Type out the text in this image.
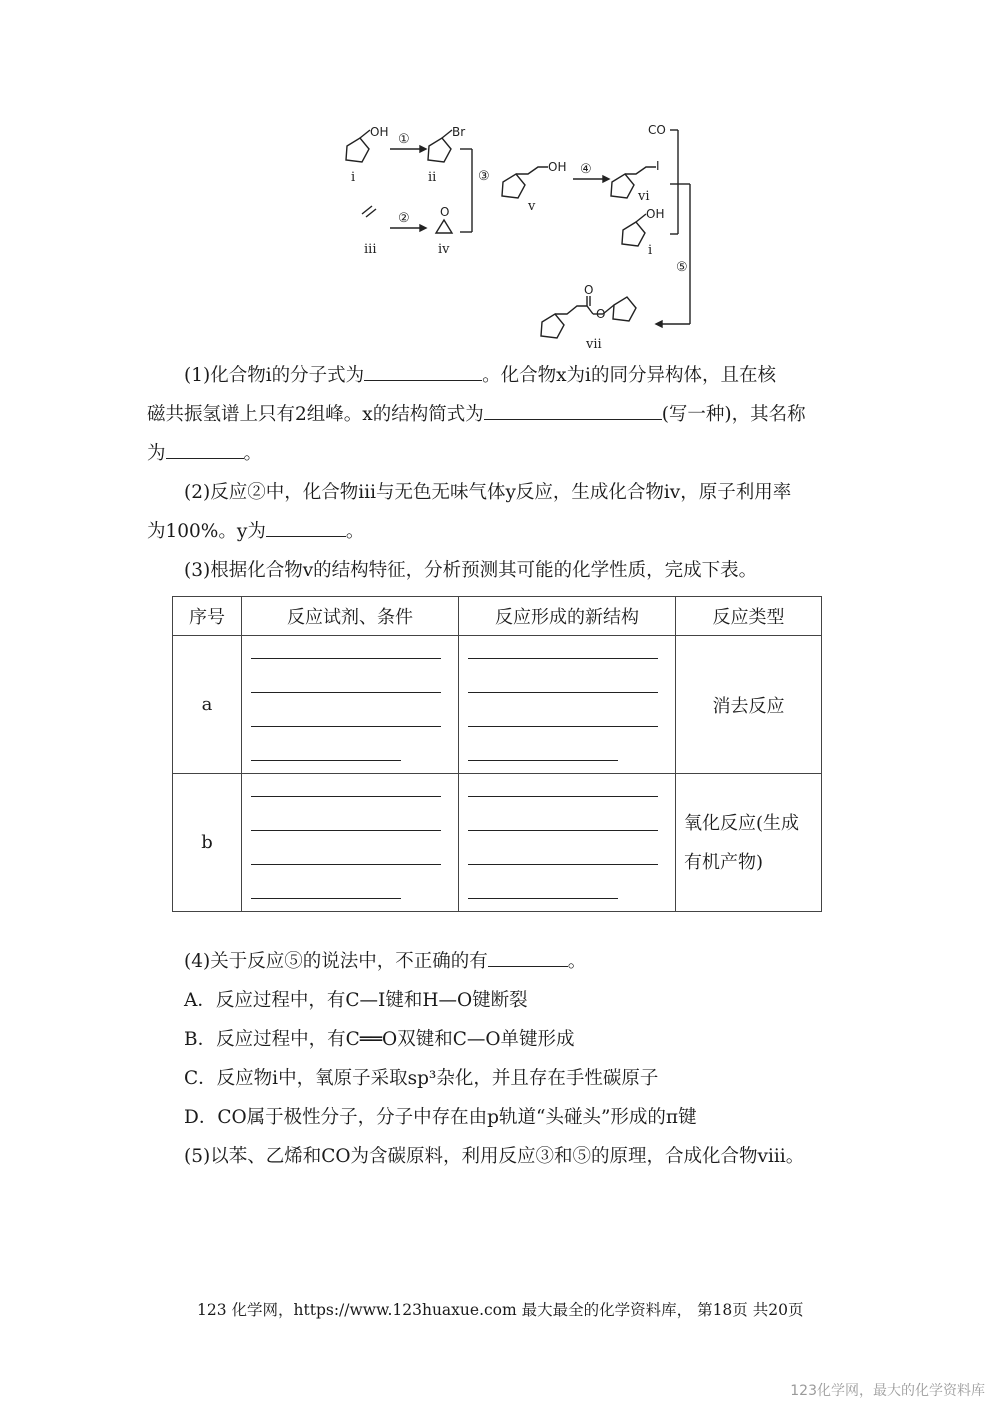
OH	Br
O
OH	I
OH
CO
O
O
i	ii
iii	iv
v
vi
i
vii
①
②
③	④
⑤

(1)化合物ⅰ的分子式为	。化合物x为ⅰ的同分异构体，且在核

磁共振氢谱上只有2组峰。x的结构简式为	(写一种)，其名称

为	。

(2)反应②中，化合物ⅲ与无色无味气体y反应，生成化合物ⅳ，原子利用率

为100%。y为	。

(3)根据化合物ⅴ的结构特征，分析预测其可能的化学性质，完成下表。

序号	反应试剂、条件	反应形成的新结构	反应类型
a			消去反应

b			氧化反应(生成
有机产物)

(4)关于反应⑤的说法中，不正确的有	。

A．反应过程中，有C—I键和H—O键断裂

B．反应过程中，有C══O双键和C—O单键形成

C．反应物ⅰ中，氧原子采取sp³杂化，并且存在手性碳原子

D．CO属于极性分子，分子中存在由p轨道“头碰头”形成的π键

(5)以苯、乙烯和CO为含碳原料，利用反应③和⑤的原理，合成化合物ⅷ。

123 化学网，https://www.123huaxue.com 最大最全的化学资料库， 第18页 共20页
123化学网，最大的化学资料库
